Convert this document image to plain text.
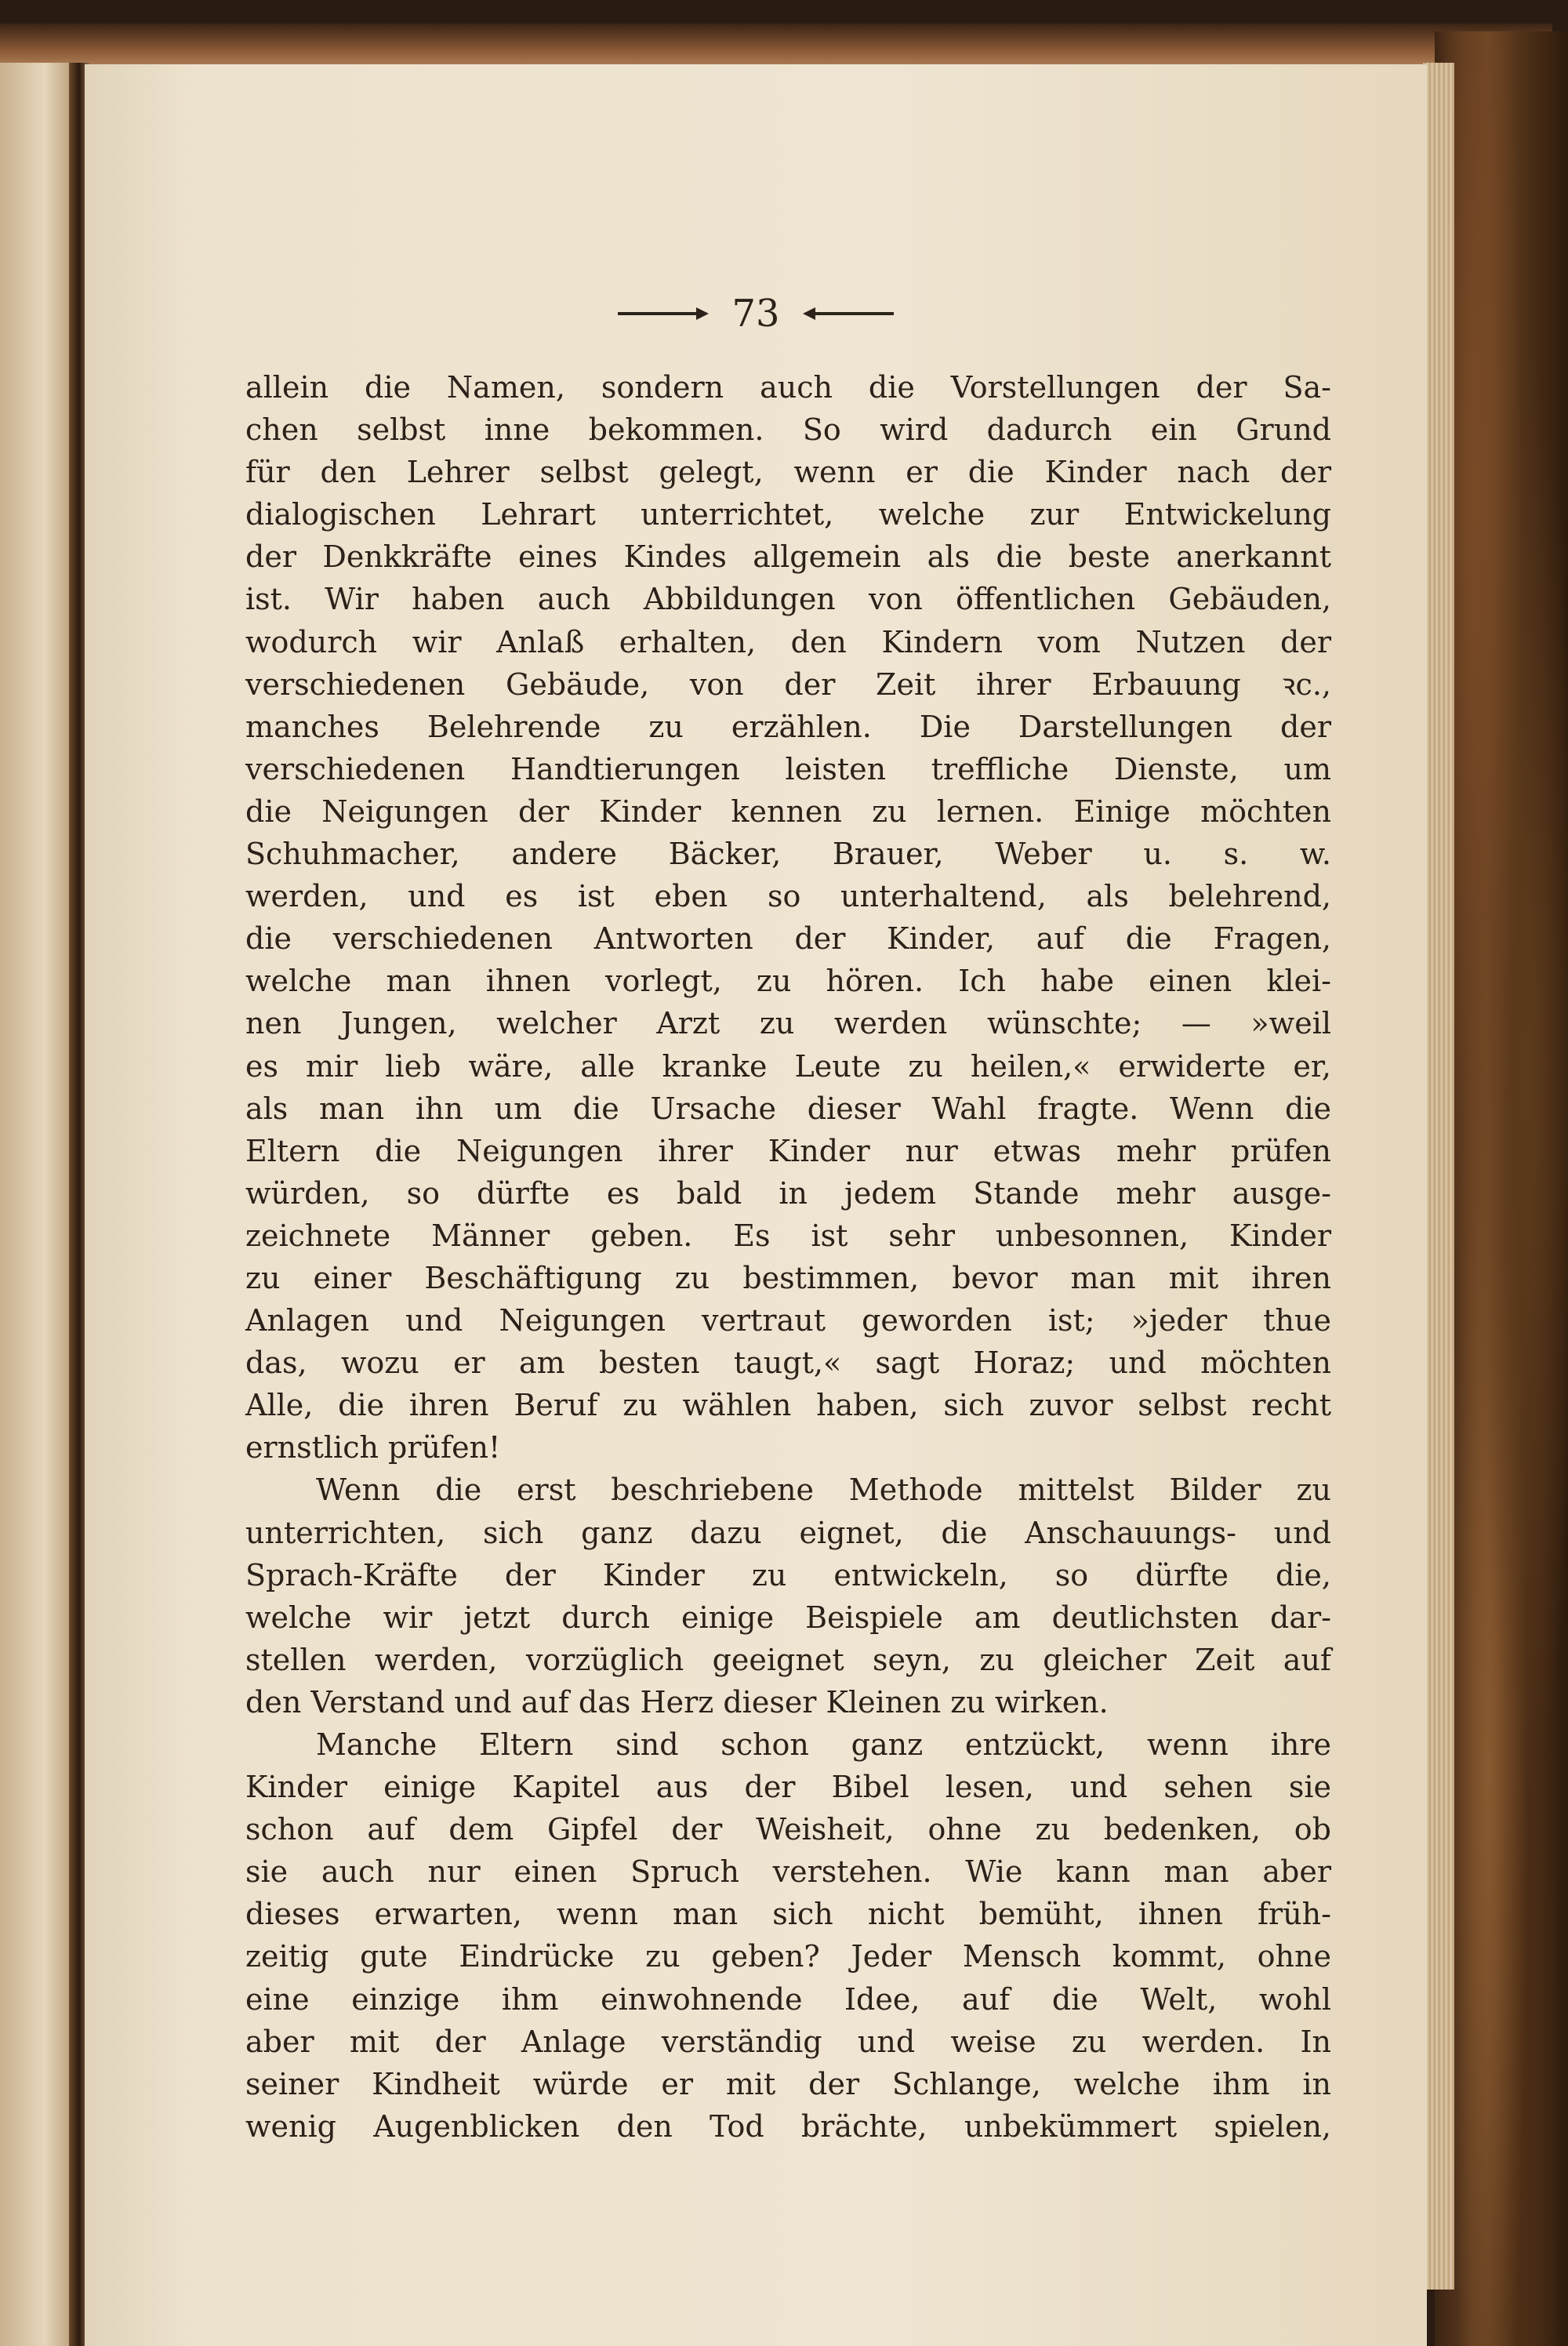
73
allein die Namen, sondern auch die Vorstellungen der Sa-
chen selbst inne bekommen. So wird dadurch ein Grund
für den Lehrer selbst gelegt, wenn er die Kinder nach der
dialogischen Lehrart unterrichtet, welche zur Entwickelung
der Denkkräfte eines Kindes allgemein als die beste anerkannt
ist. Wir haben auch Abbildungen von öffentlichen Gebäuden,
wodurch wir Anlaß erhalten, den Kindern vom Nutzen der
verschiedenen Gebäude, von der Zeit ihrer Erbauung ꝛc.,
manches Belehrende zu erzählen. Die Darstellungen der
verschiedenen Handtierungen leisten treffliche Dienste, um
die Neigungen der Kinder kennen zu lernen. Einige möchten
Schuhmacher, andere Bäcker, Brauer, Weber u. s. w.
werden, und es ist eben so unterhaltend, als belehrend,
die verschiedenen Antworten der Kinder, auf die Fragen,
welche man ihnen vorlegt, zu hören. Ich habe einen klei-
nen Jungen, welcher Arzt zu werden wünschte; — »weil
es mir lieb wäre, alle kranke Leute zu heilen,« erwiderte er,
als man ihn um die Ursache dieser Wahl fragte. Wenn die
Eltern die Neigungen ihrer Kinder nur etwas mehr prüfen
würden, so dürfte es bald in jedem Stande mehr ausge-
zeichnete Männer geben. Es ist sehr unbesonnen, Kinder
zu einer Beschäftigung zu bestimmen, bevor man mit ihren
Anlagen und Neigungen vertraut geworden ist; »jeder thue
das, wozu er am besten taugt,« sagt Horaz; und möchten
Alle, die ihren Beruf zu wählen haben, sich zuvor selbst recht
ernstlich prüfen!
Wenn die erst beschriebene Methode mittelst Bilder zu
unterrichten, sich ganz dazu eignet, die Anschauungs- und
Sprach-Kräfte der Kinder zu entwickeln, so dürfte die,
welche wir jetzt durch einige Beispiele am deutlichsten dar-
stellen werden, vorzüglich geeignet seyn, zu gleicher Zeit auf
den Verstand und auf das Herz dieser Kleinen zu wirken.
Manche Eltern sind schon ganz entzückt, wenn ihre
Kinder einige Kapitel aus der Bibel lesen, und sehen sie
schon auf dem Gipfel der Weisheit, ohne zu bedenken, ob
sie auch nur einen Spruch verstehen. Wie kann man aber
dieses erwarten, wenn man sich nicht bemüht, ihnen früh-
zeitig gute Eindrücke zu geben? Jeder Mensch kommt, ohne
eine einzige ihm einwohnende Idee, auf die Welt, wohl
aber mit der Anlage verständig und weise zu werden. In
seiner Kindheit würde er mit der Schlange, welche ihm in
wenig Augenblicken den Tod brächte, unbekümmert spielen,
